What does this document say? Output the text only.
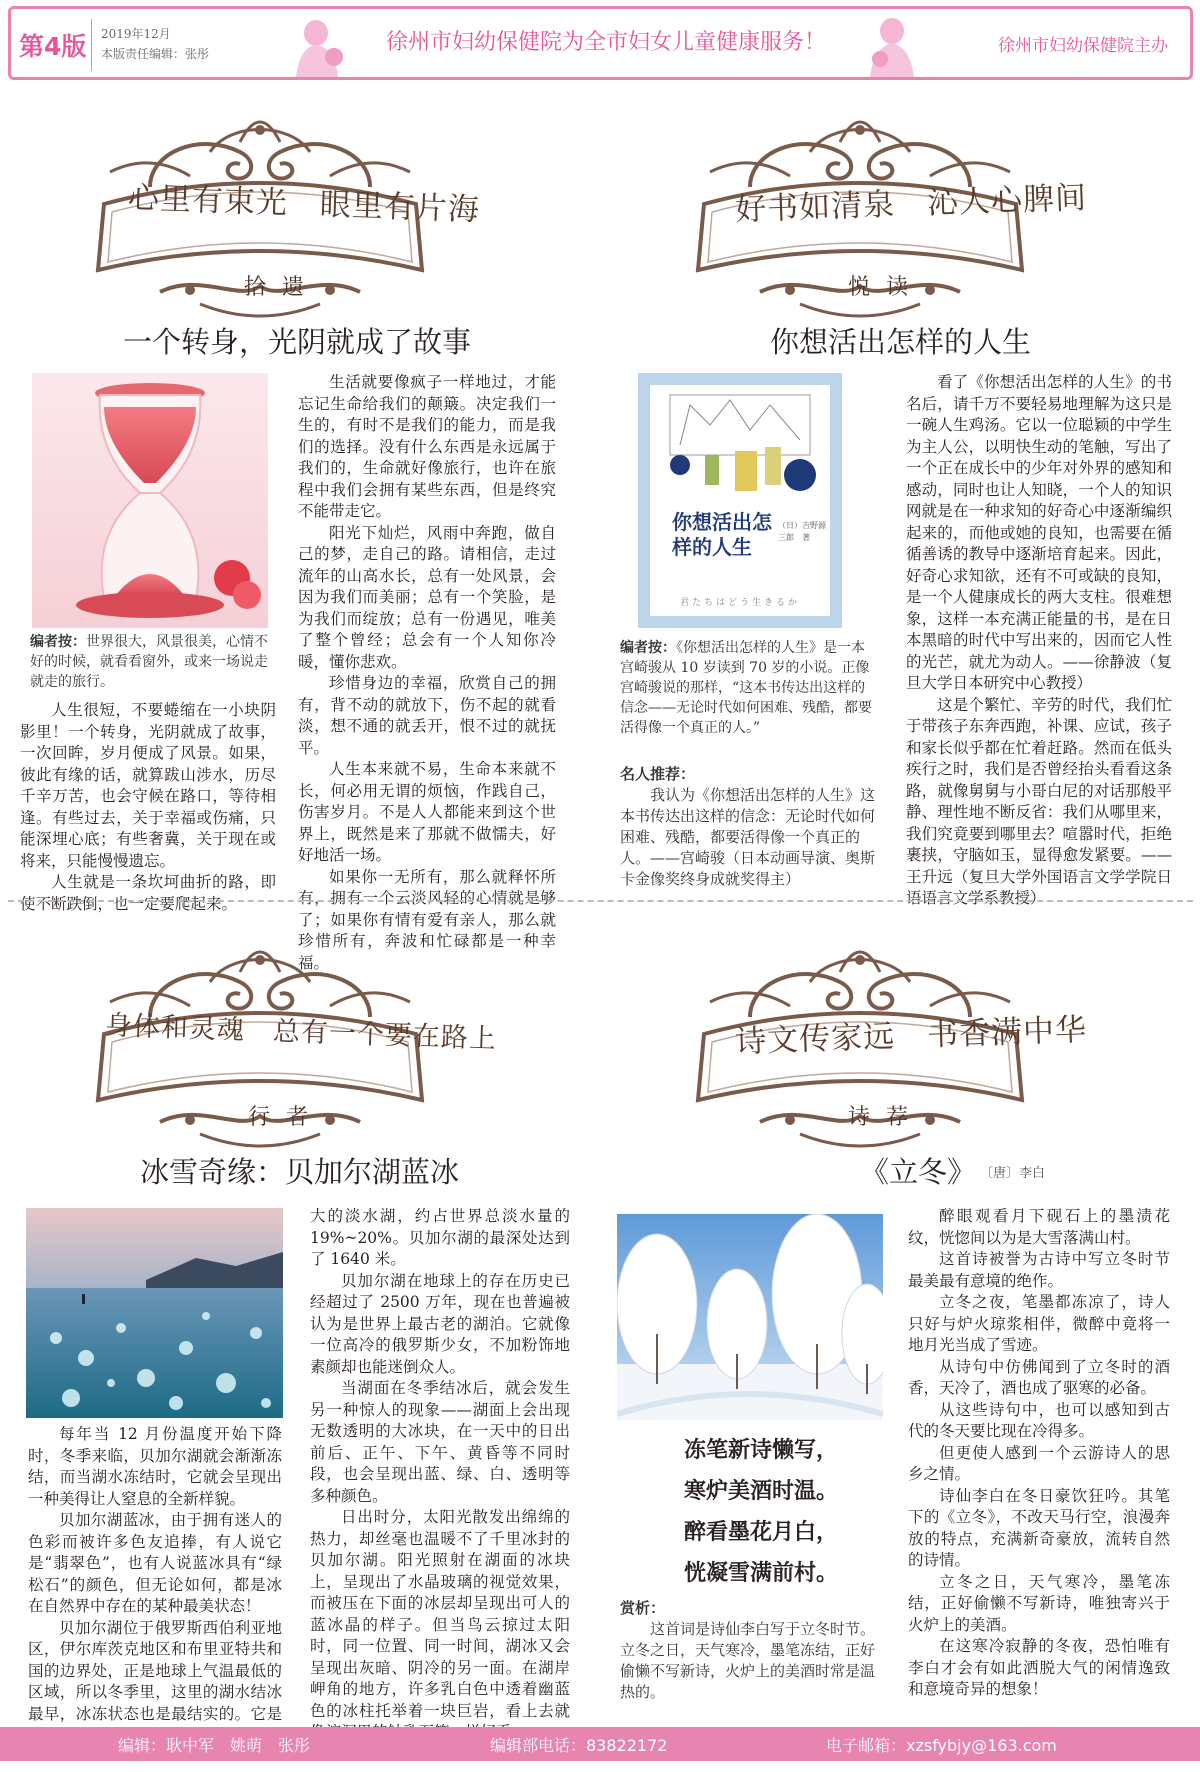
第4版 2019年12月
本版责任编辑：张彤	徐州市妇幼保健院为全市妇女儿童健康服务！	徐州市妇幼保健院主办
心里有束光　眼里有片海
拾遗
一个转身，光阴就成了故事
编者按：世界很大，风景很美，心情不好的时候，就看看窗外，或来一场说走就走的旅行。

人生很短，不要蜷缩在一小块阴影里！一个转身，光阴就成了故事，一次回眸，岁月便成了风景。如果，彼此有缘的话，就算跋山涉水，历尽千辛万苦，也会守候在路口，等待相逢。有些过去，关于幸福或伤痛，只能深埋心底；有些奢冀，关于现在或将来，只能慢慢遗忘。

人生就是一条坎坷曲折的路，即使不断跌倒，也一定要爬起来。

生活就要像疯子一样地过，才能忘记生命给我们的颠簸。决定我们一生的，有时不是我们的能力，而是我们的选择。没有什么东西是永远属于我们的，生命就好像旅行，也许在旅程中我们会拥有某些东西，但是终究不能带走它。

阳光下灿烂，风雨中奔跑，做自己的梦，走自己的路。请相信，走过流年的山高水长，总有一处风景，会因为我们而美丽；总有一个笑脸，是为我们而绽放；总有一份遇见，唯美了整个曾经；总会有一个人知你冷暖，懂你悲欢。

珍惜身边的幸福，欣赏自己的拥有，背不动的就放下，伤不起的就看淡，想不通的就丢开，恨不过的就抚平。

人生本来就不易，生命本来就不长，何必用无谓的烦恼，作践自己，伤害岁月。不是人人都能来到这个世界上，既然是来了那就不做懦夫，好好地活一场。

如果你一无所有，那么就释怀所有，拥有一个云淡风轻的心情就是够了；如果你有情有爱有亲人，那么就珍惜所有，奔波和忙碌都是一种幸福。

好书如清泉　沁人心脾间
悦读
你想活出怎样的人生
你想活出怎样的人生
（日）吉野源三郎　著
君たちはどう生きるか
编者按：《你想活出怎样的人生》是一本宫崎骏从 10 岁读到 70 岁的小说。正像宫崎骏说的那样，“这本书传达出这样的信念——无论时代如何困难、残酷，都要活得像一个真正的人。”
名人推荐：
我认为《你想活出怎样的人生》这本书传达出这样的信念：无论时代如何困难、残酷，都要活得像一个真正的人。——宫崎骏（日本动画导演、奥斯卡金像奖终身成就奖得主）

看了《你想活出怎样的人生》的书名后，请千万不要轻易地理解为这只是一碗人生鸡汤。它以一位聪颖的中学生为主人公，以明快生动的笔触，写出了一个正在成长中的少年对外界的感知和感动，同时也让人知晓，一个人的知识网就是在一种求知的好奇心中逐渐编织起来的，而他或她的良知，也需要在循循善诱的教导中逐渐培育起来。因此，好奇心求知欲，还有不可或缺的良知，是一个人健康成长的两大支柱。很难想象，这样一本充满正能量的书，是在日本黑暗的时代中写出来的，因而它人性的光芒，就尤为动人。——徐静波（复旦大学日本研究中心教授）

这是个繁忙、辛劳的时代，我们忙于带孩子东奔西跑，补课、应试，孩子和家长似乎都在忙着赶路。然而在低头疾行之时，我们是否曾经抬头看看这条路，就像舅舅与小哥白尼的对话那般平静、理性地不断反省：我们从哪里来，我们究竟要到哪里去？喧嚣时代，拒绝裹挟，守脑如玉，显得愈发紧要。——王升远（复旦大学外国语言文学学院日语语言文学系教授）

身体和灵魂　总有一个要在路上
行者
冰雪奇缘：贝加尔湖蓝冰

每年当 12 月份温度开始下降时，冬季来临，贝加尔湖就会渐渐冻结，而当湖水冻结时，它就会呈现出一种美得让人窒息的全新样貌。

贝加尔湖蓝冰，由于拥有迷人的色彩而被许多色友追捧，有人说它是“翡翠色”，也有人说蓝冰具有“绿松石”的颜色，但无论如何，都是冰在自然界中存在的某种最美状态！

贝加尔湖位于俄罗斯西伯利亚地区，伊尔库茨克地区和布里亚特共和国的边界处，正是地球上气温最低的区域，所以冬季里，这里的湖水结冰最早，冰冻状态也是最结实的。它是

大的淡水湖，约占世界总淡水量的 19%~20%。贝加尔湖的最深处达到了 1640 米。

贝加尔湖在地球上的存在历史已经超过了 2500 万年，现在也普遍被认为是世界上最古老的湖泊。它就像一位高冷的俄罗斯少女，不加粉饰地素颜却也能迷倒众人。

当湖面在冬季结冰后，就会发生另一种惊人的现象——湖面上会出现无数透明的大冰块，在一天中的日出前后、正午、下午、黄昏等不同时段，也会呈现出蓝、绿、白、透明等多种颜色。

日出时分，太阳光散发出绵绵的热力，却丝毫也温暖不了千里冰封的贝加尔湖。阳光照射在湖面的冰块上，呈现出了水晶玻璃的视觉效果，而被压在下面的冰层却呈现出可人的蓝冰晶的样子。但当鸟云掠过太阳时，同一位置、同一时间，湖冰又会呈现出灰暗、阴冷的另一面。在湖岸岬角的地方，许多乳白色中透着幽蓝色的冰柱托举着一块巨岩，看上去就

诗文传家远　书香满中华
诗荐
《立冬》 〔唐〕李白
冻笔新诗懒写，
寒炉美酒时温。
醉看墨花月白，
恍凝雪满前村。
赏析：
这首词是诗仙李白写于立冬时节。立冬之日，天气寒冷，墨笔冻结，正好偷懒不写新诗，火炉上的美酒时常是温热的。

醉眼观看月下砚石上的墨渍花纹，恍惚间以为是大雪落满山村。

这首诗被誉为古诗中写立冬时节最美最有意境的绝作。

立冬之夜，笔墨都冻凉了，诗人只好与炉火琼浆相伴，微醉中竟将一地月光当成了雪迹。

从诗句中仿佛闻到了立冬时的酒香，天冷了，酒也成了驱寒的必备。

从这些诗句中，也可以感知到古代的冬天要比现在冷得多。

但更使人感到一个云游诗人的思乡之情。

诗仙李白在冬日豪饮狂吟。其笔下的《立冬》，不改天马行空，浪漫奔放的特点，充满新奇豪放，流转自然的诗情。

立冬之日，天气寒冷，墨笔冻结，正好偷懒不写新诗，唯独寄兴于火炉上的美酒。

在这寒冷寂静的冬夜，恐怕唯有李白才会有如此洒脱大气的闲情逸致和意境奇异的想象！

编辑：耿中军　姚萌　张彤	编辑部电话：83822172	电子邮箱：xzsfybjy@163.com
